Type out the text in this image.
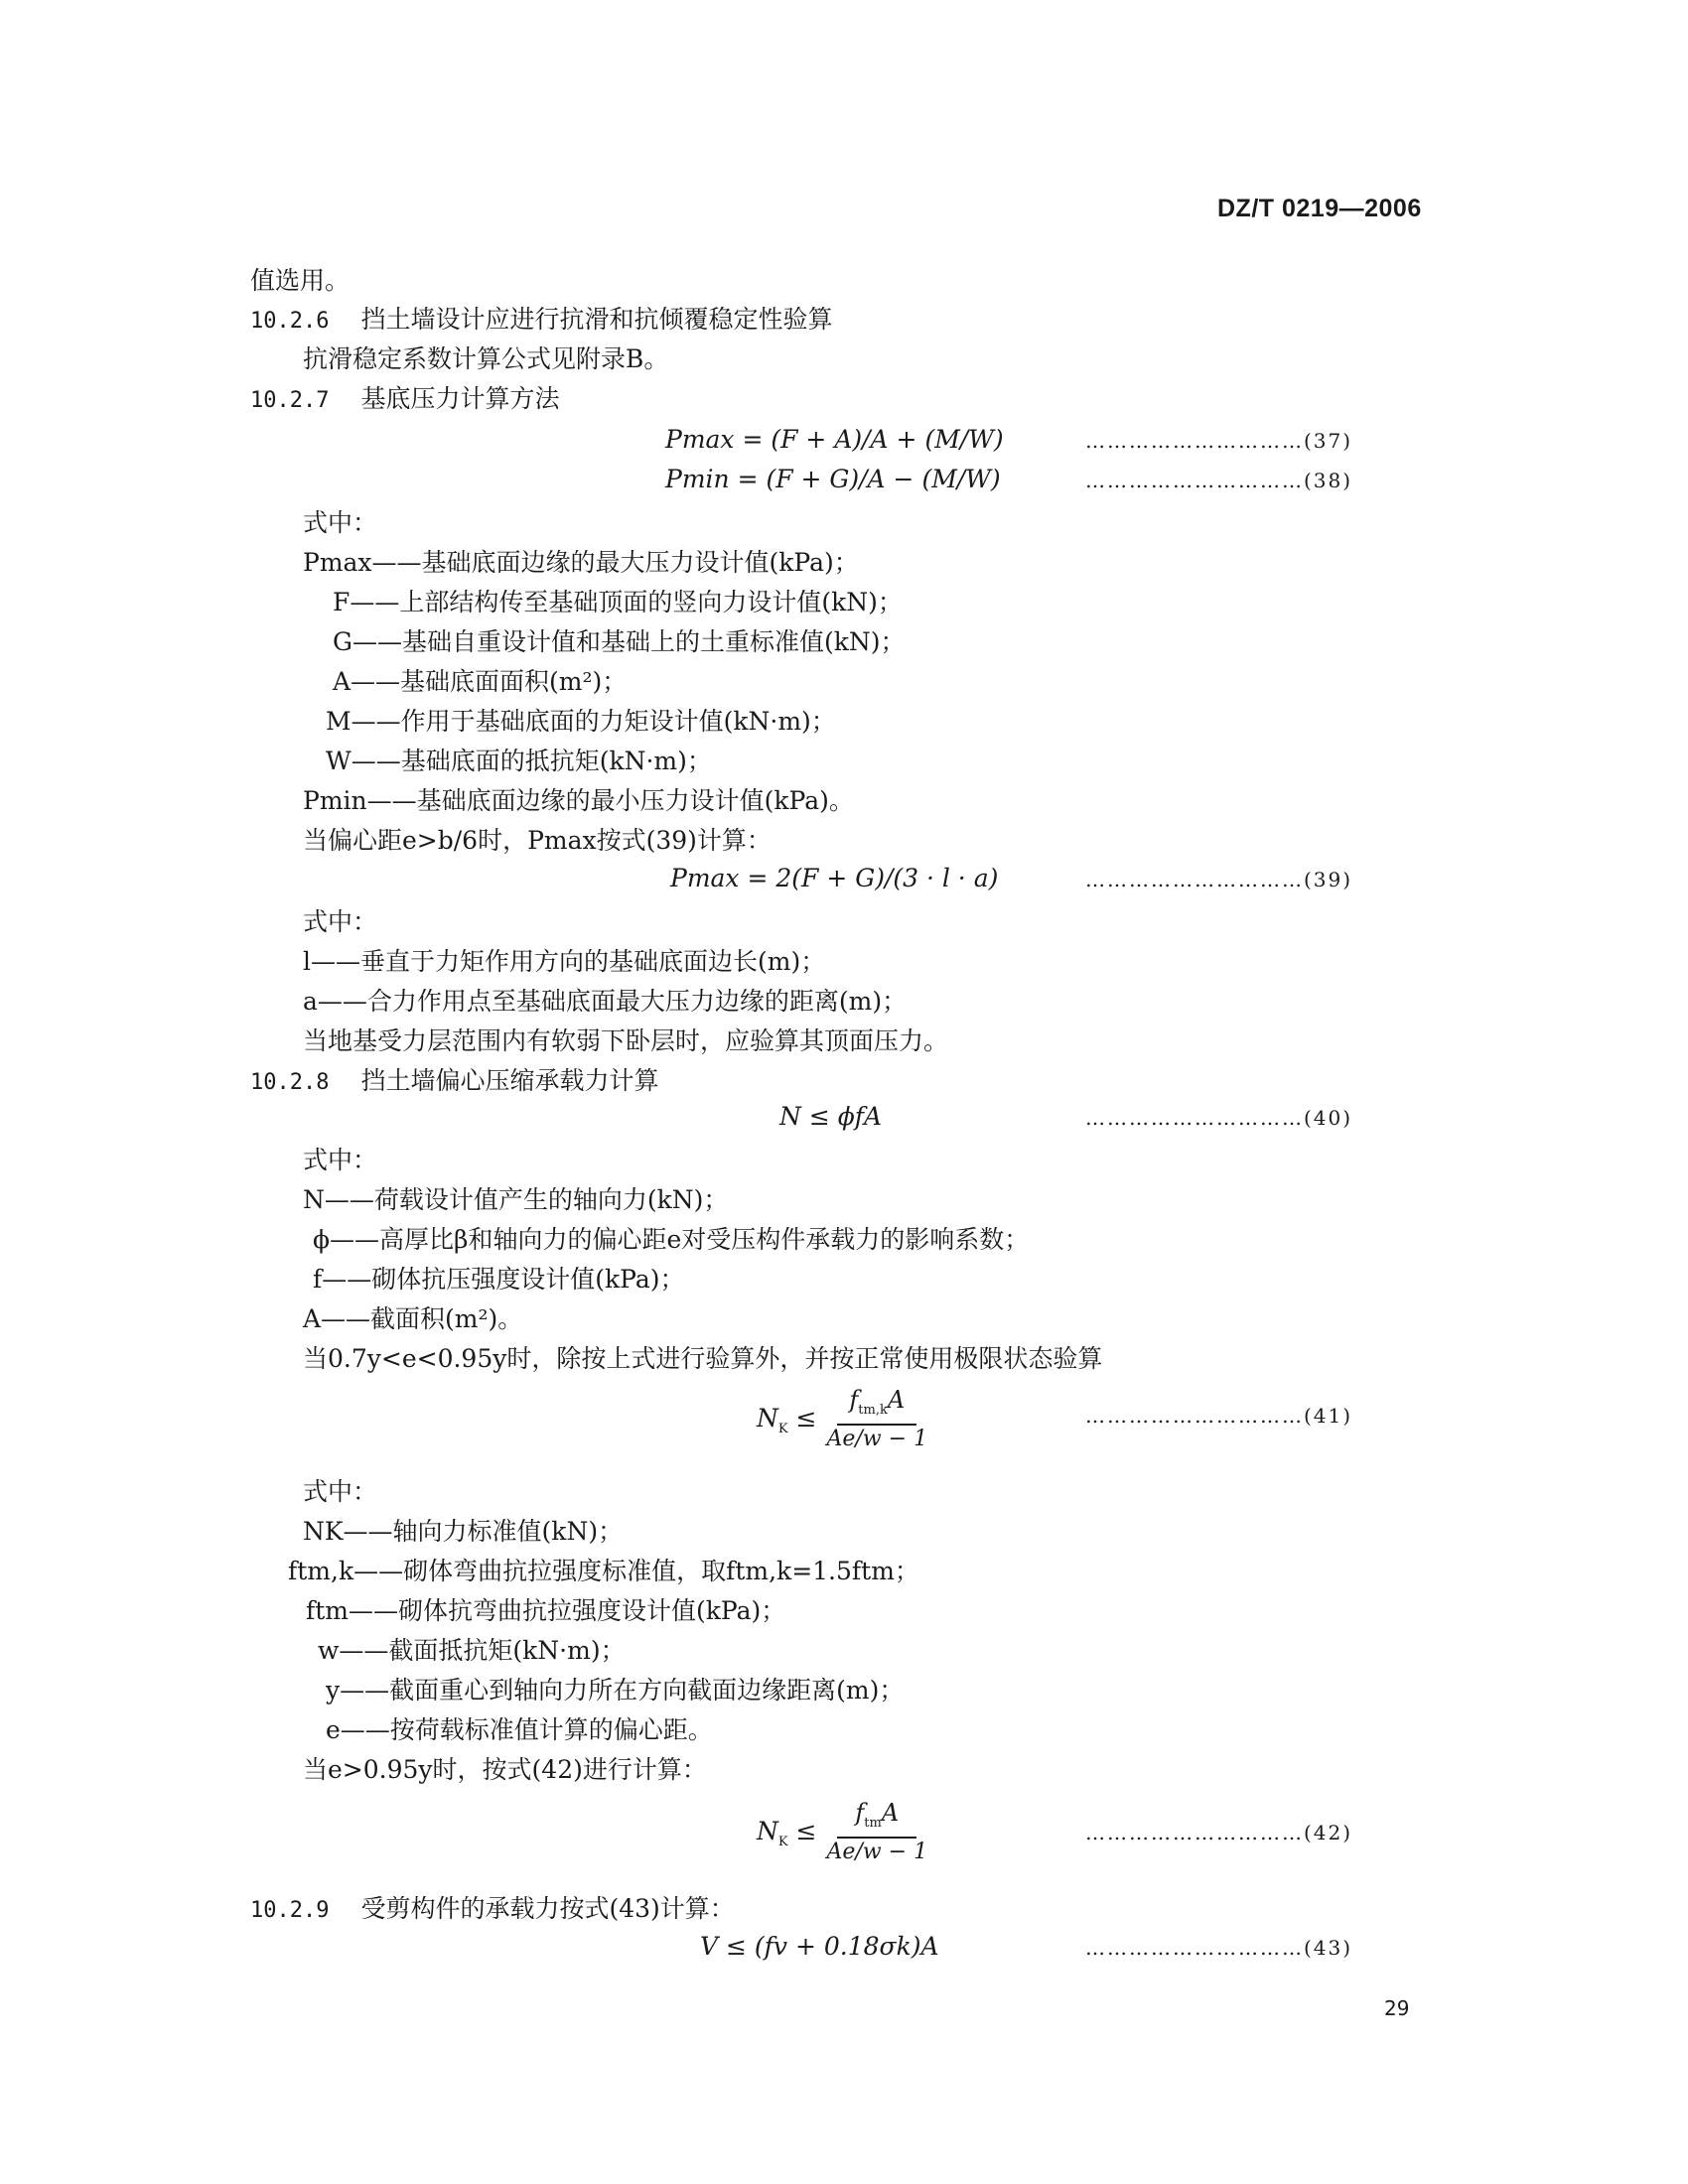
DZ/T 0219—2006
值选用。
10.2.6 挡土墙设计应进行抗滑和抗倾覆稳定性验算
抗滑稳定系数计算公式见附录B。
10.2.7 基底压力计算方法
Pmax = (F + A)/A + (M/W)	…………………………(37)
Pmin = (F + G)/A − (M/W)	…………………………(38)
式中：
Pmax——基础底面边缘的最大压力设计值(kPa)；
F——上部结构传至基础顶面的竖向力设计值(kN)；
G——基础自重设计值和基础上的土重标准值(kN)；
A——基础底面面积(m²)；
M——作用于基础底面的力矩设计值(kN·m)；
W——基础底面的抵抗矩(kN·m)；
Pmin——基础底面边缘的最小压力设计值(kPa)。
当偏心距e>b/6时，Pmax按式(39)计算：
Pmax = 2(F + G)/(3 · l · a)	…………………………(39)
式中：
l——垂直于力矩作用方向的基础底面边长(m)；
a——合力作用点至基础底面最大压力边缘的距离(m)；
当地基受力层范围内有软弱下卧层时，应验算其顶面压力。
10.2.8 挡土墙偏心压缩承载力计算
N ≤ ϕfA	…………………………(40)
式中：
N——荷载设计值产生的轴向力(kN)；
ϕ——高厚比β和轴向力的偏心距e对受压构件承载力的影响系数；
f——砌体抗压强度设计值(kPa)；
A——截面积(m²)。
当0.7y<e<0.95y时，除按上式进行验算外，并按正常使用极限状态验算
$N_K$ ≤
$f_{tm,k}A$
Ae/w − 1
…………………………(41)
式中：
NK——轴向力标准值(kN)；
ftm,k——砌体弯曲抗拉强度标准值，取ftm,k=1.5ftm；
ftm——砌体抗弯曲抗拉强度设计值(kPa)；
w——截面抵抗矩(kN·m)；
y——截面重心到轴向力所在方向截面边缘距离(m)；
e——按荷载标准值计算的偏心距。
当e>0.95y时，按式(42)进行计算：
$N_K$ ≤
$f_{tm}A$
Ae/w − 1
…………………………(42)
10.2.9 受剪构件的承载力按式(43)计算：
V ≤ (fv + 0.18σk)A	…………………………(43)
29
